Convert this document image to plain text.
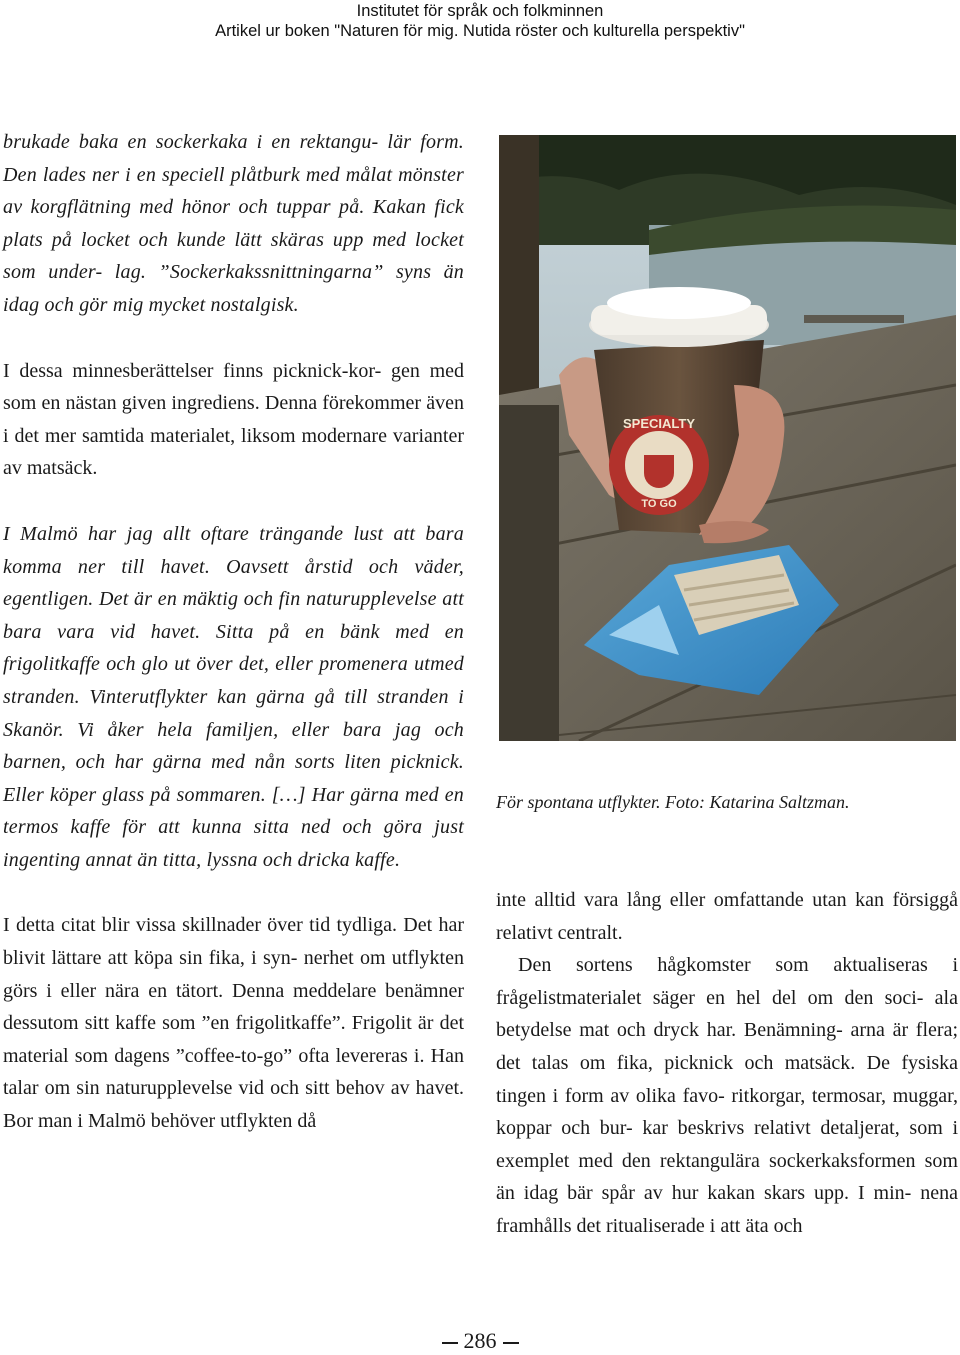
Institutet för språk och folkminnen
Artikel ur boken "Naturen för mig. Nutida röster och kulturella perspektiv"

brukade baka en sockerkaka i en rektangu- lär form. Den lades ner i en speciell plåtburk med målat mönster av korgflätning med hönor och tuppar på. Kakan fick plats på locket och kunde lätt skäras upp med locket som under- lag. ”Sockerkakssnittningarna” syns än idag och gör mig mycket nostalgisk.

I dessa minnesberättelser finns picknick-kor- gen med som en nästan given ingrediens. Denna förekommer även i det mer samtida materialet, liksom modernare varianter av matsäck.

I Malmö har jag allt oftare trängande lust att bara komma ner till havet. Oavsett årstid och väder, egentligen. Det är en mäktig och fin naturupplevelse att bara vara vid havet. Sitta på en bänk med en frigolitkaffe och glo ut över det, eller promenera utmed stranden. Vinterutflykter kan gärna gå till stranden i Skanör. Vi åker hela familjen, eller bara jag och barnen, och har gärna med nån sorts liten picknick. Eller köper glass på sommaren. […] Har gärna med en termos kaffe för att kunna sitta ned och göra just ingenting annat än titta, lyssna och dricka kaffe.

I detta citat blir vissa skillnader över tid tydliga. Det har blivit lättare att köpa sin fika, i syn- nerhet om utflykten görs i eller nära en tätort. Denna meddelare benämner dessutom sitt kaffe som ”en frigolitkaffe”. Frigolit är det material som dagens ”coffee-to-go” ofta levereras i. Han talar om sin naturupplevelse vid och sitt behov av havet. Bor man i Malmö behöver utflykten då

SPECIALTY
TO GO
För spontana utflykter. Foto: Katarina Saltzman.

inte alltid vara lång eller omfattande utan kan försiggå relativt centralt.

Den sortens hågkomster som aktualiseras i frågelistmaterialet säger en hel del om den soci- ala betydelse mat och dryck har. Benämning- arna är flera; det talas om fika, picknick och matsäck. De fysiska tingen i form av olika favo- ritkorgar, termosar, muggar, koppar och bur- kar beskrivs relativt detaljerat, som i exemplet med den rektangulära sockerkaksformen som än idag bär spår av hur kakan skars upp. I min- nena framhålls det ritualiserade i att äta och

286
